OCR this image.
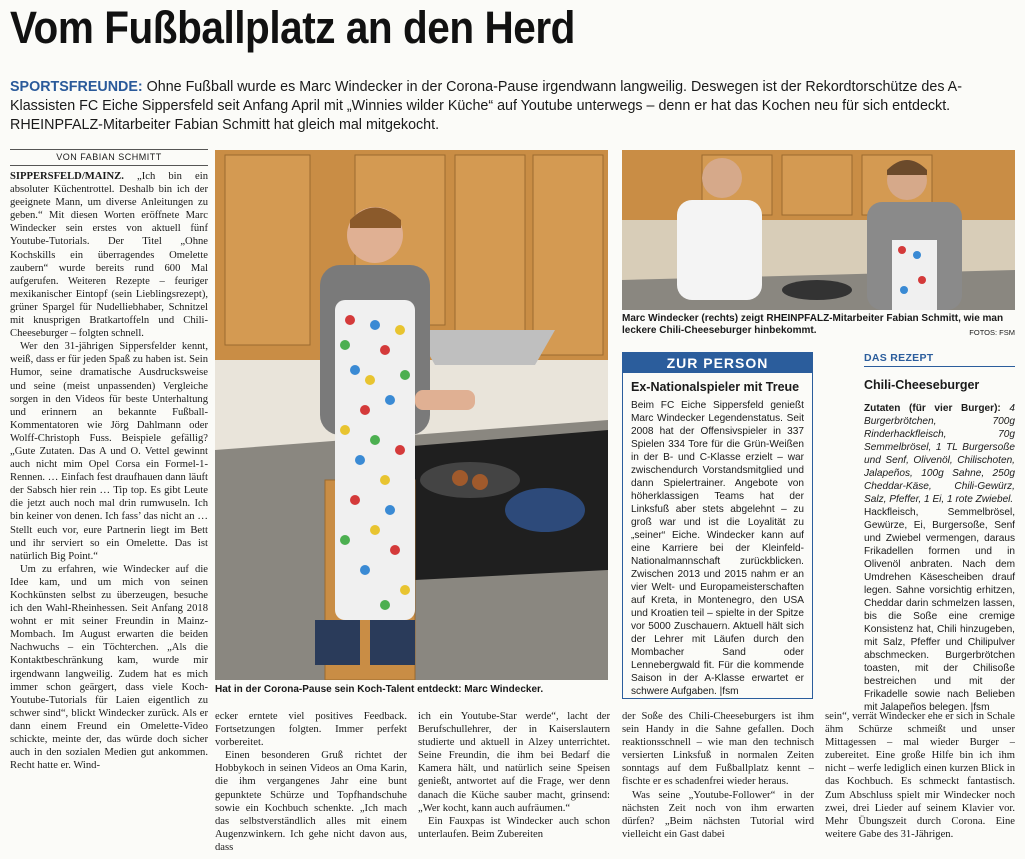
Vom Fußballplatz an den Herd
SPORTSFREUNDE: Ohne Fußball wurde es Marc Windecker in der Corona-Pause irgendwann langweilig. Deswegen ist der Rekordtorschütze des A-Klassisten FC Eiche Sippersfeld seit Anfang April mit „Winnies wilder Küche“ auf Youtube unterwegs – denn er hat das Kochen neu für sich entdeckt. RHEINPFALZ-Mitarbeiter Fabian Schmitt hat gleich mal mitgekocht.
VON FABIAN SCHMITT

SIPPERSFELD/MAINZ. „Ich bin ein absoluter Küchentrottel. Deshalb bin ich der geeignete Mann, um diverse Anleitungen zu geben.“ Mit diesen Worten eröffnete Marc Windecker sein erstes von aktuell fünf Youtube-Tutorials. Der Titel „Ohne Kochskills ein überragendes Omelette zaubern“ wurde bereits rund 600 Mal aufgerufen. Weiteren Rezepte – feuriger mexikanischer Eintopf (sein Lieblingsrezept), grüner Spargel für Nudelliebhaber, Schnitzel mit knusprigen Bratkartoffeln und Chili-Cheeseburger – folgten schnell.

Wer den 31-jährigen Sippersfelder kennt, weiß, dass er für jeden Spaß zu haben ist. Sein Humor, seine dramatische Ausdrucksweise und seine (meist unpassenden) Vergleiche sorgen in den Videos für beste Unterhaltung und erinnern an bekannte Fußball-Kommentatoren wie Jörg Dahlmann oder Wolff-Christoph Fuss. Beispiele gefällig? „Gute Zutaten. Das A und O. Vettel gewinnt auch nicht mim Opel Corsa ein Formel-1-Rennen. … Einfach fest draufhauen dann läuft der Sabsch hier rein … Tip top. Es gibt Leute die jetzt auch noch mal drin rumwuseln. Ich bin keiner von denen. Ich fass’ das nicht an … Stellt euch vor, eure Partnerin liegt im Bett und ihr serviert so ein Omelette. Das ist natürlich Big Point.“

Um zu erfahren, wie Windecker auf die Idee kam, und um mich von seinen Kochkünsten selbst zu überzeugen, besuche ich den Wahl-Rheinhessen. Seit Anfang 2018 wohnt er mit seiner Freundin in Mainz-Mombach. Im August erwarten die beiden Nachwuchs – ein Töchterchen. „Als die Kontaktbeschränkung kam, wurde mir irgendwann langweilig. Zudem hat es mich immer schon geärgert, dass viele Koch-Youtube-Tutorials für Laien eigentlich zu schwer sind“, blickt Windecker zurück. Als er dann einem Freund ein Omelette-Video schickte, meinte der, das würde doch sicher auch in den sozialen Medien gut ankommen. Recht hatte er. Wind-

Hat in der Corona-Pause sein Koch-Talent entdeckt: Marc Windecker.
Marc Windecker (rechts) zeigt RHEINPFALZ-Mitarbeiter Fabian Schmitt, wie man leckere Chili-Cheeseburger hinbekommt.	FOTOS: FSM
ZUR PERSON
Ex-Nationalspieler mit Treue
Beim FC Eiche Sippersfeld genießt Marc Windecker Legendenstatus. Seit 2008 hat der Offensivspieler in 337 Spielen 334 Tore für die Grün-Weißen in der B- und C-Klasse erzielt – war zwischendurch Vorstandsmitglied und dann Spielertrainer. Angebote von höherklassigen Teams hat der Linksfuß aber stets abgelehnt – zu groß war und ist die Loyalität zu „seiner“ Eiche. Windecker kann auf eine Karriere bei der Kleinfeld-Nationalmannschaft zurückblicken. Zwischen 2013 und 2015 nahm er an vier Welt- und Europameisterschaften auf Kreta, in Montenegro, den USA und Kroatien teil – spielte in der Spitze vor 5000 Zuschauern. Aktuell hält sich der Lehrer mit Läufen durch den Mombacher Sand oder Lennebergwald fit. Für die kommende Saison in der A-Klasse erwartet er schwere Aufgaben. |fsm
DAS REZEPT
Chili-Cheeseburger
Zutaten (für vier Burger): 4 Burgerbrötchen, 700g Rinderhackfleisch, 70g Semmelbrösel, 1 TL Burgersoße und Senf, Olivenöl, Chilischoten, Jalapeños, 100g Sahne, 250g Cheddar-Käse, Chili-Gewürz, Salz, Pfeffer, 1 Ei, 1 rote Zwiebel.
Hackfleisch, Semmelbrösel, Gewürze, Ei, Burgersoße, Senf und Zwiebel vermengen, daraus Frikadellen formen und in Olivenöl anbraten. Nach dem Umdrehen Käsescheiben drauf legen. Sahne vorsichtig erhitzen, Cheddar darin schmelzen lassen, bis die Soße eine cremige Konsistenz hat, Chili hinzugeben, mit Salz, Pfeffer und Chilipulver abschmecken. Burgerbrötchen toasten, mit der Chilisoße bestreichen und mit der Frikadelle sowie nach Belieben mit Jalapeños belegen. |fsm

ecker erntete viel positives Feedback. Fortsetzungen folgten. Immer perfekt vorbereitet.

Einen besonderen Gruß richtet der Hobbykoch in seinen Videos an Oma Karin, die ihm vergangenes Jahr eine bunt gepunktete Schürze und Topfhandschuhe sowie ein Kochbuch schenkte. „Ich mach das selbstverständlich alles mit einem Augenzwinkern. Ich gehe nicht davon aus, dass

ich ein Youtube-Star werde“, lacht der Berufschullehrer, der in Kaiserslautern studierte und aktuell in Alzey unterrichtet. Seine Freundin, die ihm bei Bedarf die Kamera hält, und natürlich seine Speisen genießt, antwortet auf die Frage, wer denn danach die Küche sauber macht, grinsend: „Wer kocht, kann auch aufräumen.“

Ein Fauxpas ist Windecker auch schon unterlaufen. Beim Zubereiten

der Soße des Chili-Cheeseburgers ist ihm sein Handy in die Sahne gefallen. Doch reaktionsschnell – wie man den technisch versierten Linksfuß in normalen Zeiten sonntags auf dem Fußballplatz kennt – fischte er es schadenfrei wieder heraus.

Was seine „Youtube-Follower“ in der nächsten Zeit noch von ihm erwarten dürfen? „Beim nächsten Tutorial wird vielleicht ein Gast dabei

sein“, verrät Windecker ehe er sich in Schale ähm Schürze schmeißt und unser Mittagessen – mal wieder Burger – zubereitet. Eine große Hilfe bin ich ihm nicht – werfe lediglich einen kurzen Blick in das Kochbuch. Es schmeckt fantastisch. Zum Abschluss spielt mir Windecker noch zwei, drei Lieder auf seinem Klavier vor. Mehr Übungszeit durch Corona. Eine weitere Gabe des 31-Jährigen.
